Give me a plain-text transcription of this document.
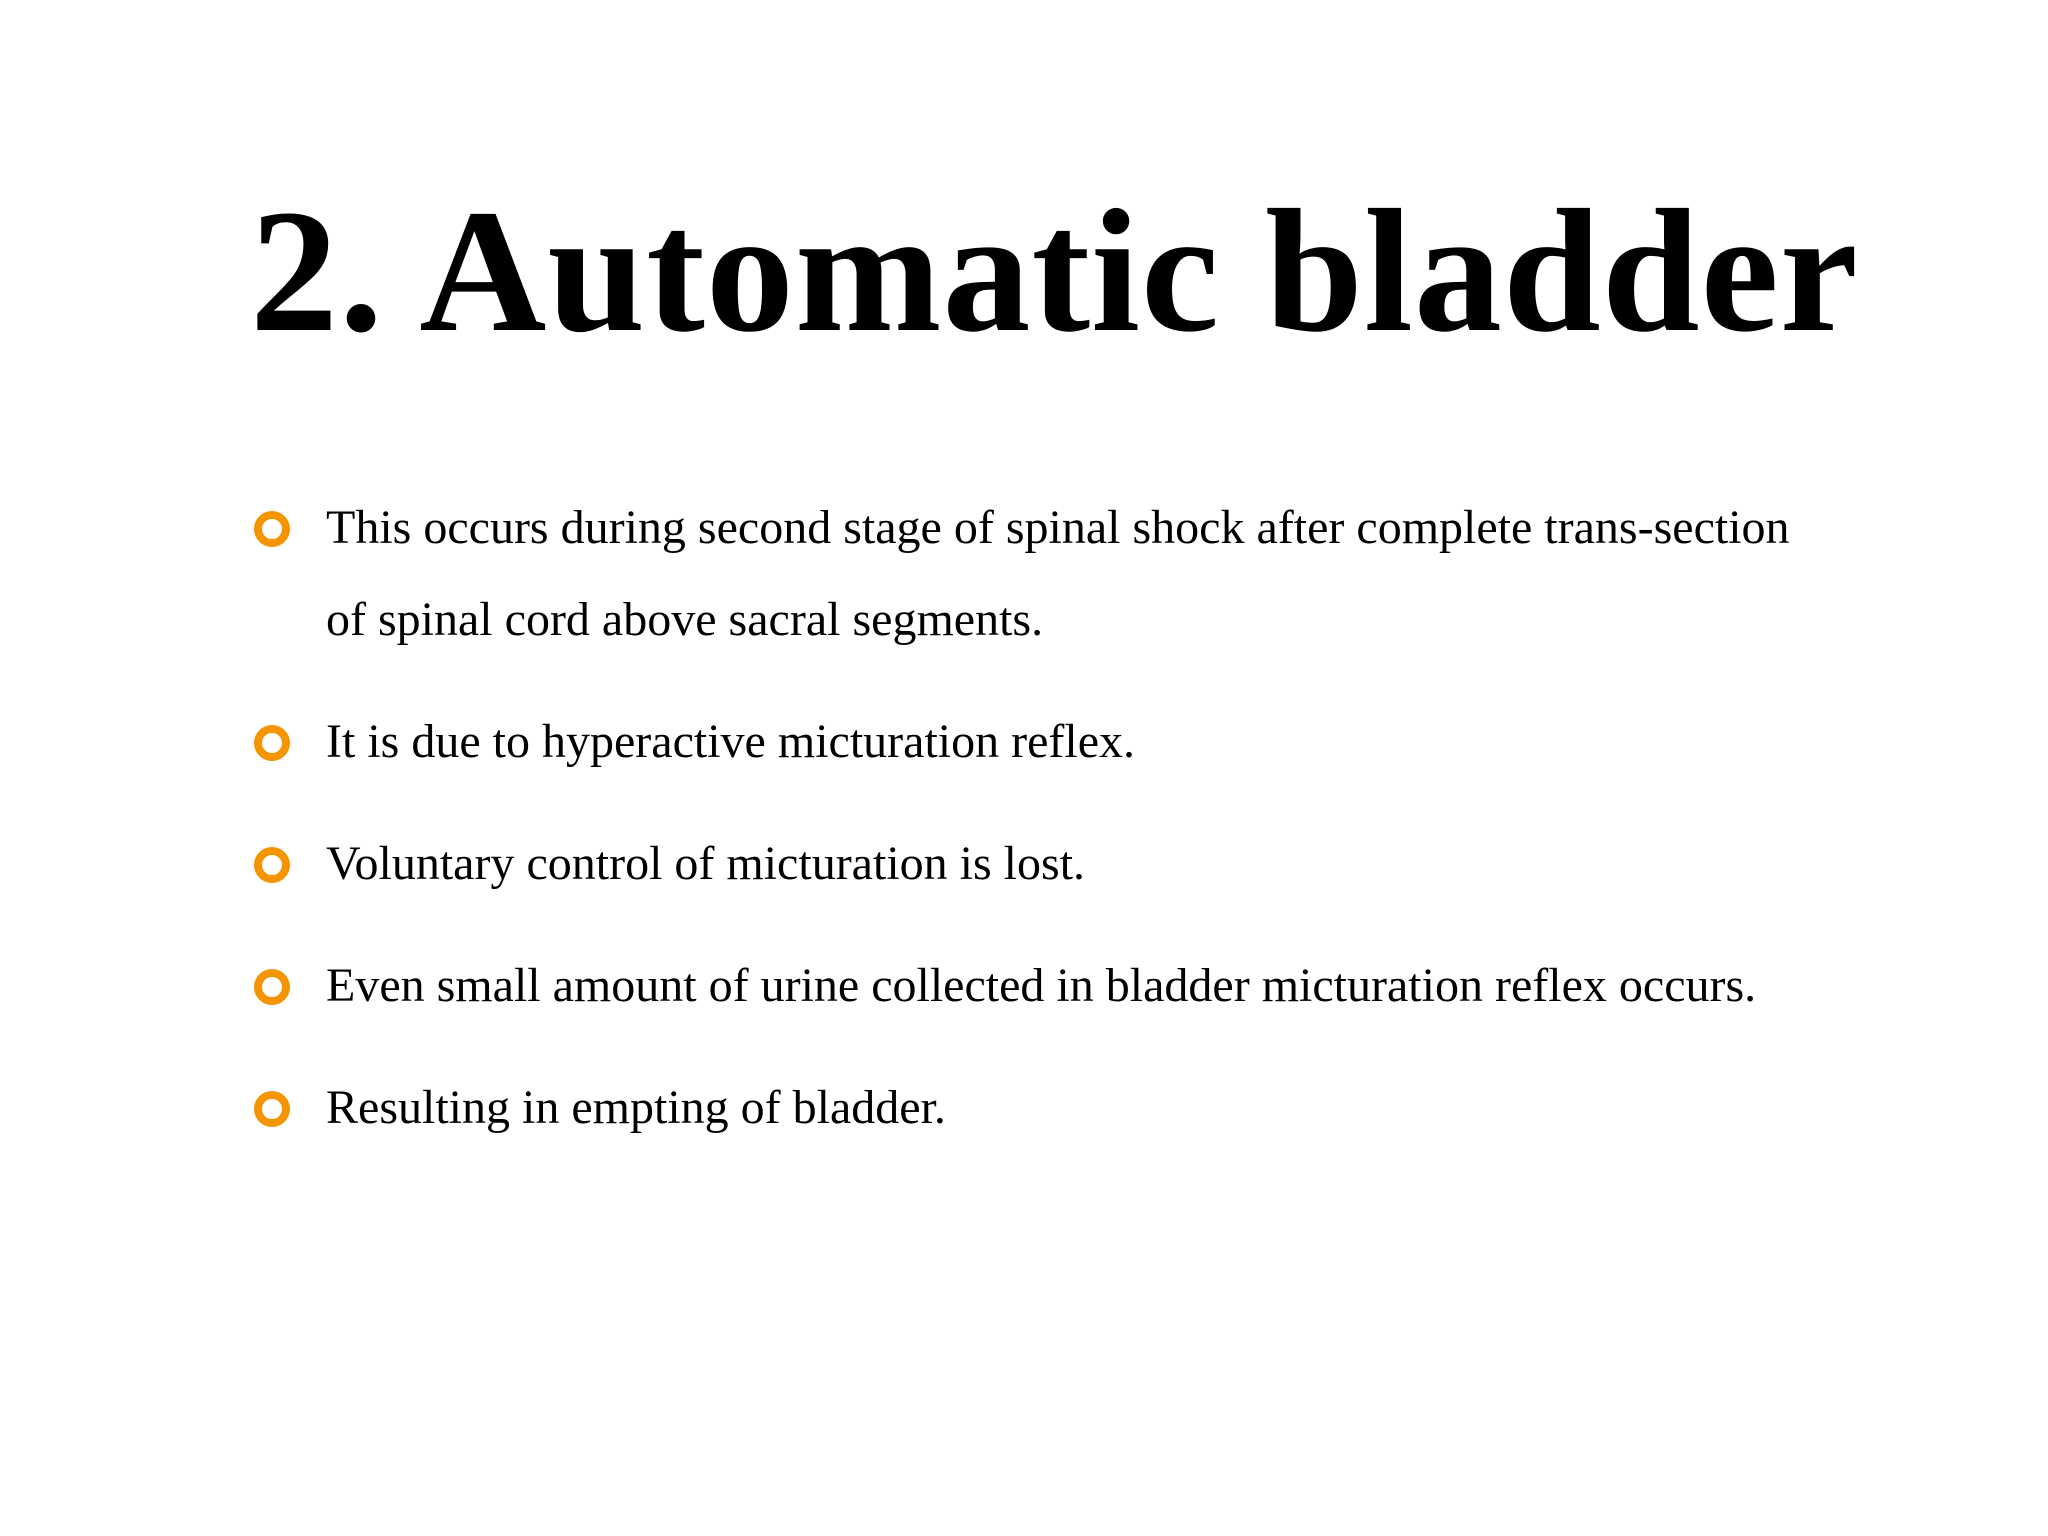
2. Automatic bladder
This occurs during second stage of spinal shock after complete trans-section of spinal cord above sacral segments.
It is due to hyperactive micturation reflex.
Voluntary control of micturation is lost.
Even small amount of urine collected in bladder micturation reflex occurs.
Resulting in empting of bladder.
